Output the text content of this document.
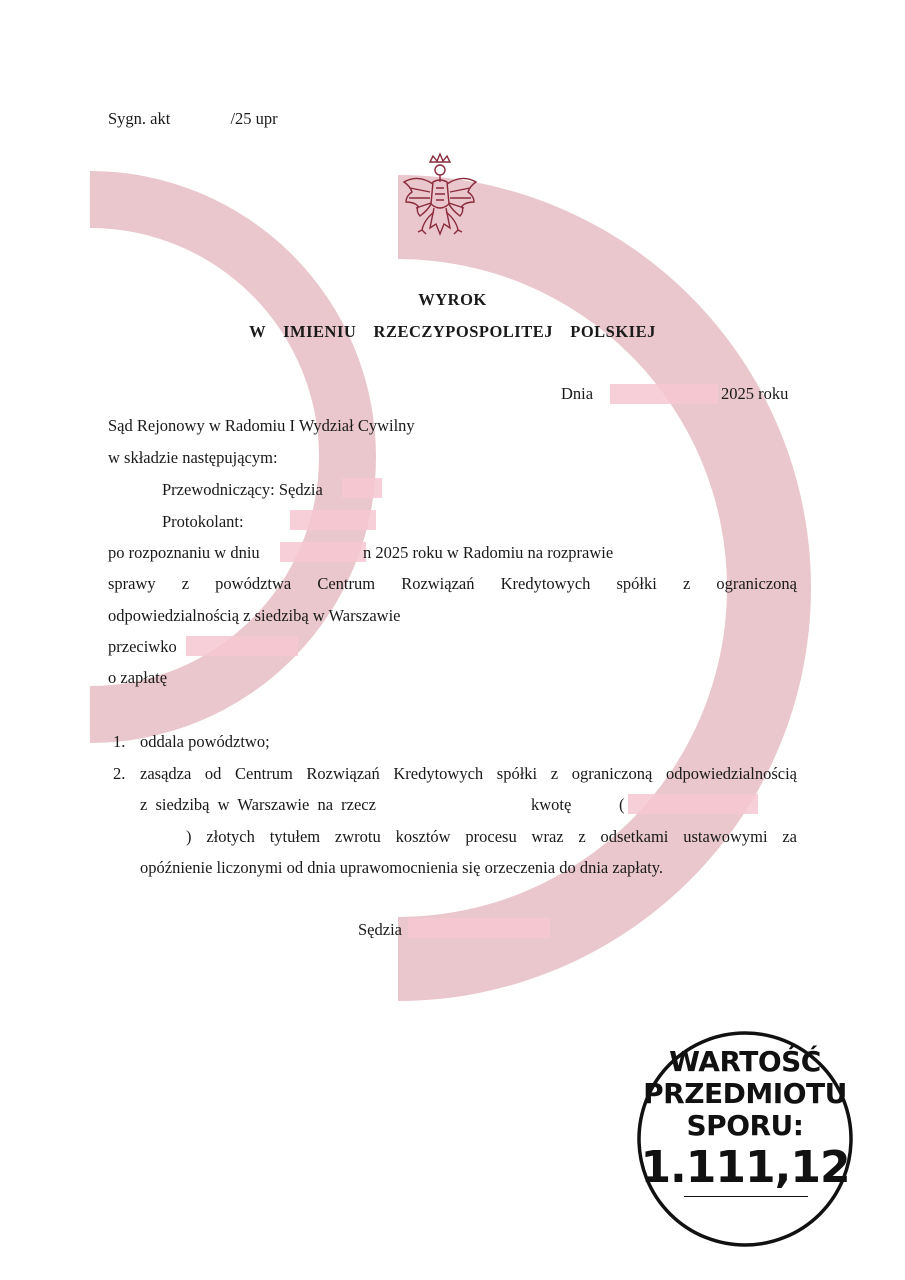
Sygn. akt	/25 upr
WYROK
W  IMIENIU  RZECZYPOSPOLITEJ  POLSKIEJ
Dnia	2025 roku
Sąd Rejonowy w Radomiu I Wydział Cywilny
w składzie następującym:
Przewodniczący: Sędzia
Protokolant:
po rozpoznaniu w dniu	n 2025 roku w Radomiu na rozprawie
sprawy z powództwa Centrum Rozwiązań Kredytowych spółki z ograniczoną
odpowiedzialnością z siedzibą w Warszawie
przeciwko
o zapłatę
1. oddala powództwo;
2. zasądza od Centrum Rozwiązań Kredytowych spółki z ograniczoną odpowiedzialnością
z siedzibą w Warszawie na rzecz	kwotę	(
) złotych tytułem zwrotu kosztów procesu wraz z odsetkami ustawowymi za
opóźnienie liczonymi od dnia uprawomocnienia się orzeczenia do dnia zapłaty.
Sędzia
WARTOŚĆ
PRZEDMIOTU
SPORU:
1.111,12
